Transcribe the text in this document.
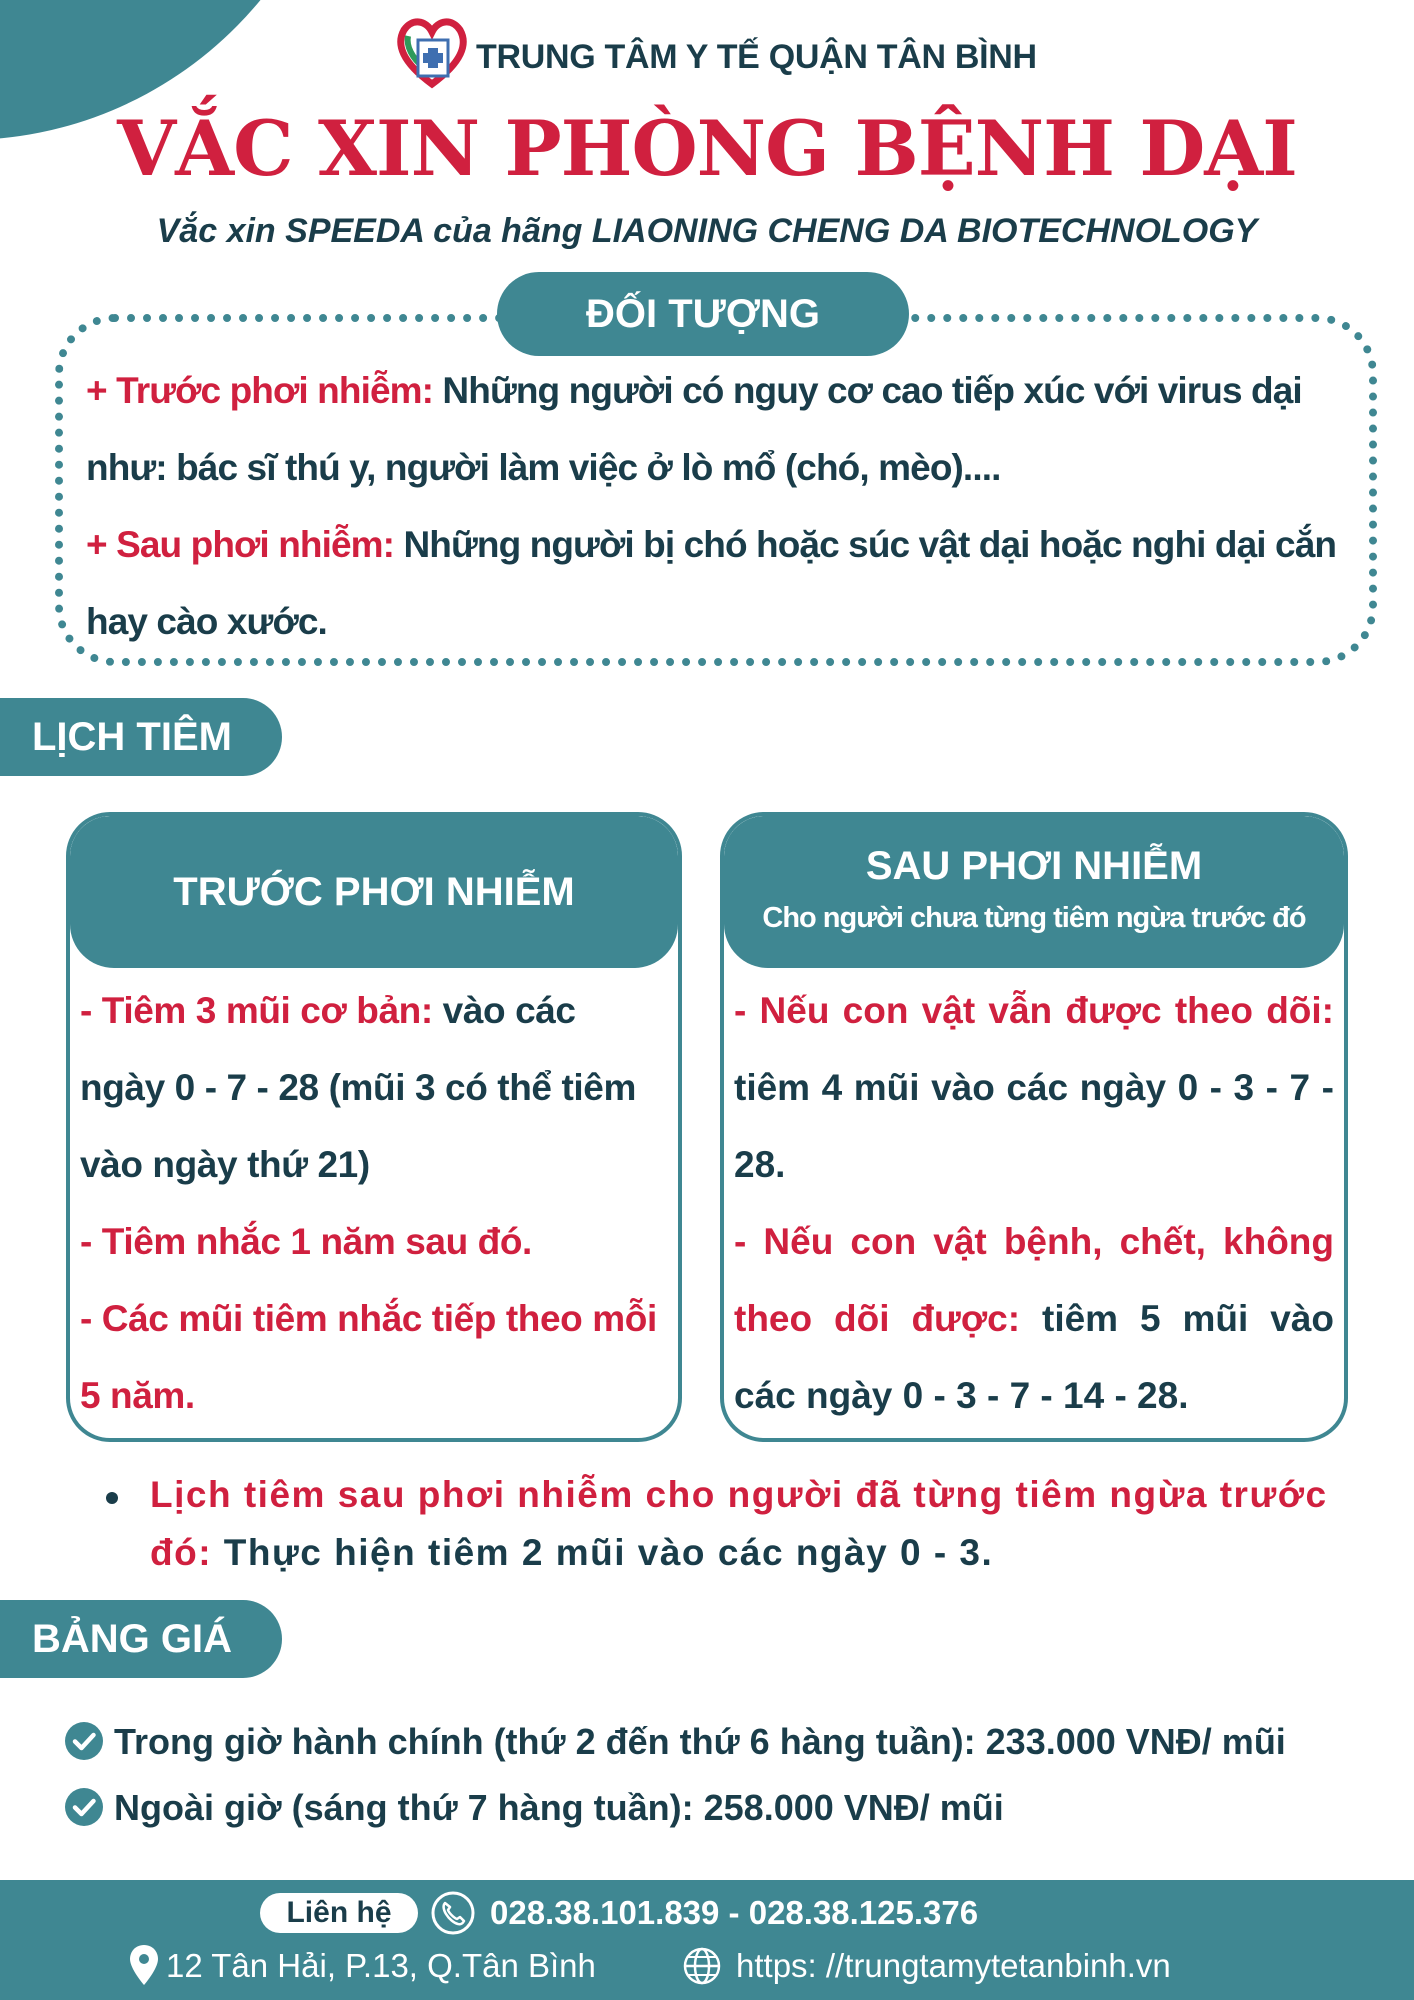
TRUNG TÂM Y TẾ QUẬN TÂN BÌNH
VẮC XIN PHÒNG BỆNH DẠI
Vắc xin SPEEDA của hãng LIAONING CHENG DA BIOTECHNOLOGY
ĐỐI TƯỢNG
+ Trước phơi nhiễm: Những người có nguy cơ cao tiếp xúc với virus dại như: bác sĩ thú y, người làm việc ở lò mổ (chó, mèo)....
+ Sau phơi nhiễm: Những người bị chó hoặc súc vật dại hoặc nghi dại cắn hay cào xước.
LỊCH TIÊM
TRƯỚC PHƠI NHIỄM
- Tiêm 3 mũi cơ bản: vào các ngày 0 - 7 - 28 (mũi 3 có thể tiêm vào ngày thứ 21)
- Tiêm nhắc 1 năm sau đó.
- Các mũi tiêm nhắc tiếp theo mỗi 5 năm.
SAU PHƠI NHIỄM
Cho người chưa từng tiêm ngừa trước đó
- Nếu con vật vẫn được theo dõi: tiêm 4 mũi vào các ngày 0 - 3 - 7 - 28.
- Nếu con vật bệnh, chết, không theo dõi được: tiêm 5 mũi vào các ngày 0 - 3 - 7 - 14 - 28.
Lịch tiêm sau phơi nhiễm cho người đã từng tiêm ngừa trước đó: Thực hiện tiêm 2 mũi vào các ngày 0 - 3.
BẢNG GIÁ
Trong giờ hành chính (thứ 2 đến thứ 6 hàng tuần): 233.000 VNĐ/ mũi
Ngoài giờ (sáng thứ 7 hàng tuần): 258.000 VNĐ/ mũi
Liên hệ	028.38.101.839 - 028.38.125.376
12 Tân Hải, P.13, Q.Tân Bình	https: //trungtamytetanbinh.vn
